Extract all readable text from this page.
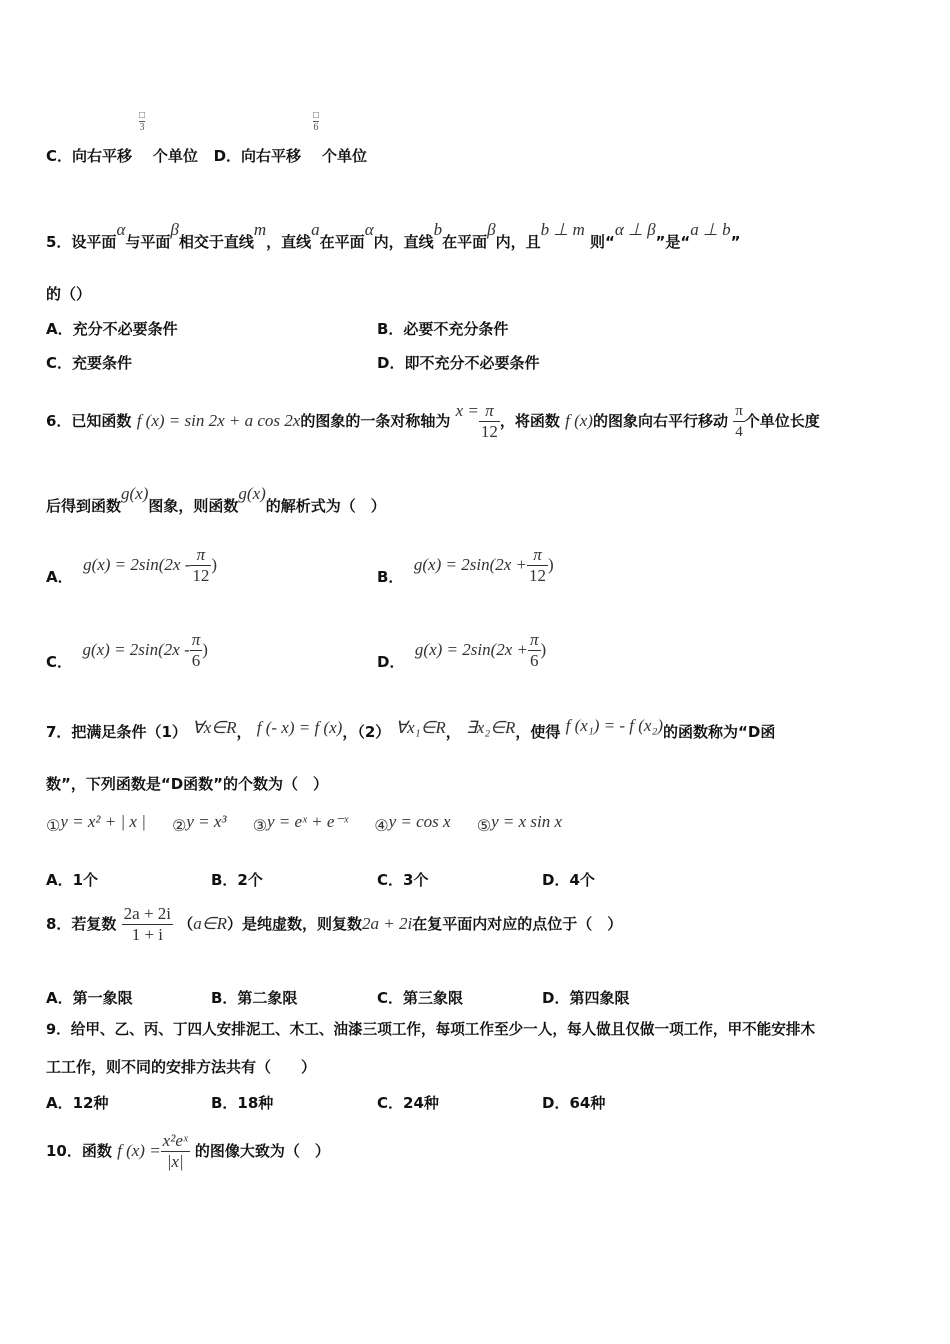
□
3
□
6
C．向右平移 个单位 D．向右平移 个单位
5．设平面α与平面β相交于直线m，直线a在平面α内，直线b在平面β内，且b ⊥ m 则“α ⊥ β”是“a ⊥ b”
的（）
A．充分不必要条件	B．必要不充分条件
C．充要条件	D．即不充分不必要条件
6．已知函数 f (x) = sin 2x + a cos 2x的图象的一条对称轴为 $x = \frac{\pi}{12}$ ，将函数 f (x)的图象向右平行移动 $\frac{\pi}{4}$ 个单位长度
后得到函数g(x)图象，则函数g(x)的解析式为（　）
A．  $g(x) = 2\sin(2x - \frac{\pi}{12}$ )
B．  $g(x) = 2\sin(2x + \frac{\pi}{12}$ )
C．  $g(x) = 2\sin(2x - \frac{\pi}{6}$ )
D．  $g(x) = 2\sin(2x + \frac{\pi}{6}$ )
7．把满足条件（1） ∀x∈R， f (- x) = f (x)，（2） ∀x₁∈R， ∃x₂∈R，使得 f (x₁) = - f (x₂)的函数称为“D函
数”，下列函数是“D函数”的个数为（　）
①y = x² + | x | ②y = x³ ③y = eˣ + e⁻ˣ ④y = cos x ⑤y = x sin x
A．1个	B．2个	C．3个	D．4个
8．若复数 $\frac{2a + 2i}{1 + i}$ （a∈R）是纯虚数，则复数2a + 2i在复平面内对应的点位于（　）
A．第一象限	B．第二象限	C．第三象限	D．第四象限
9．给甲、乙、丙、丁四人安排泥工、木工、油漆三项工作，每项工作至少一人，每人做且仅做一项工作，甲不能安排木
工工作，则不同的安排方法共有（　　）
A．12种	B．18种	C．24种	D．64种
10．函数 f $(x) = \frac{\text{x²eˣ}}{|x|}$ 的图像大致为（　）
